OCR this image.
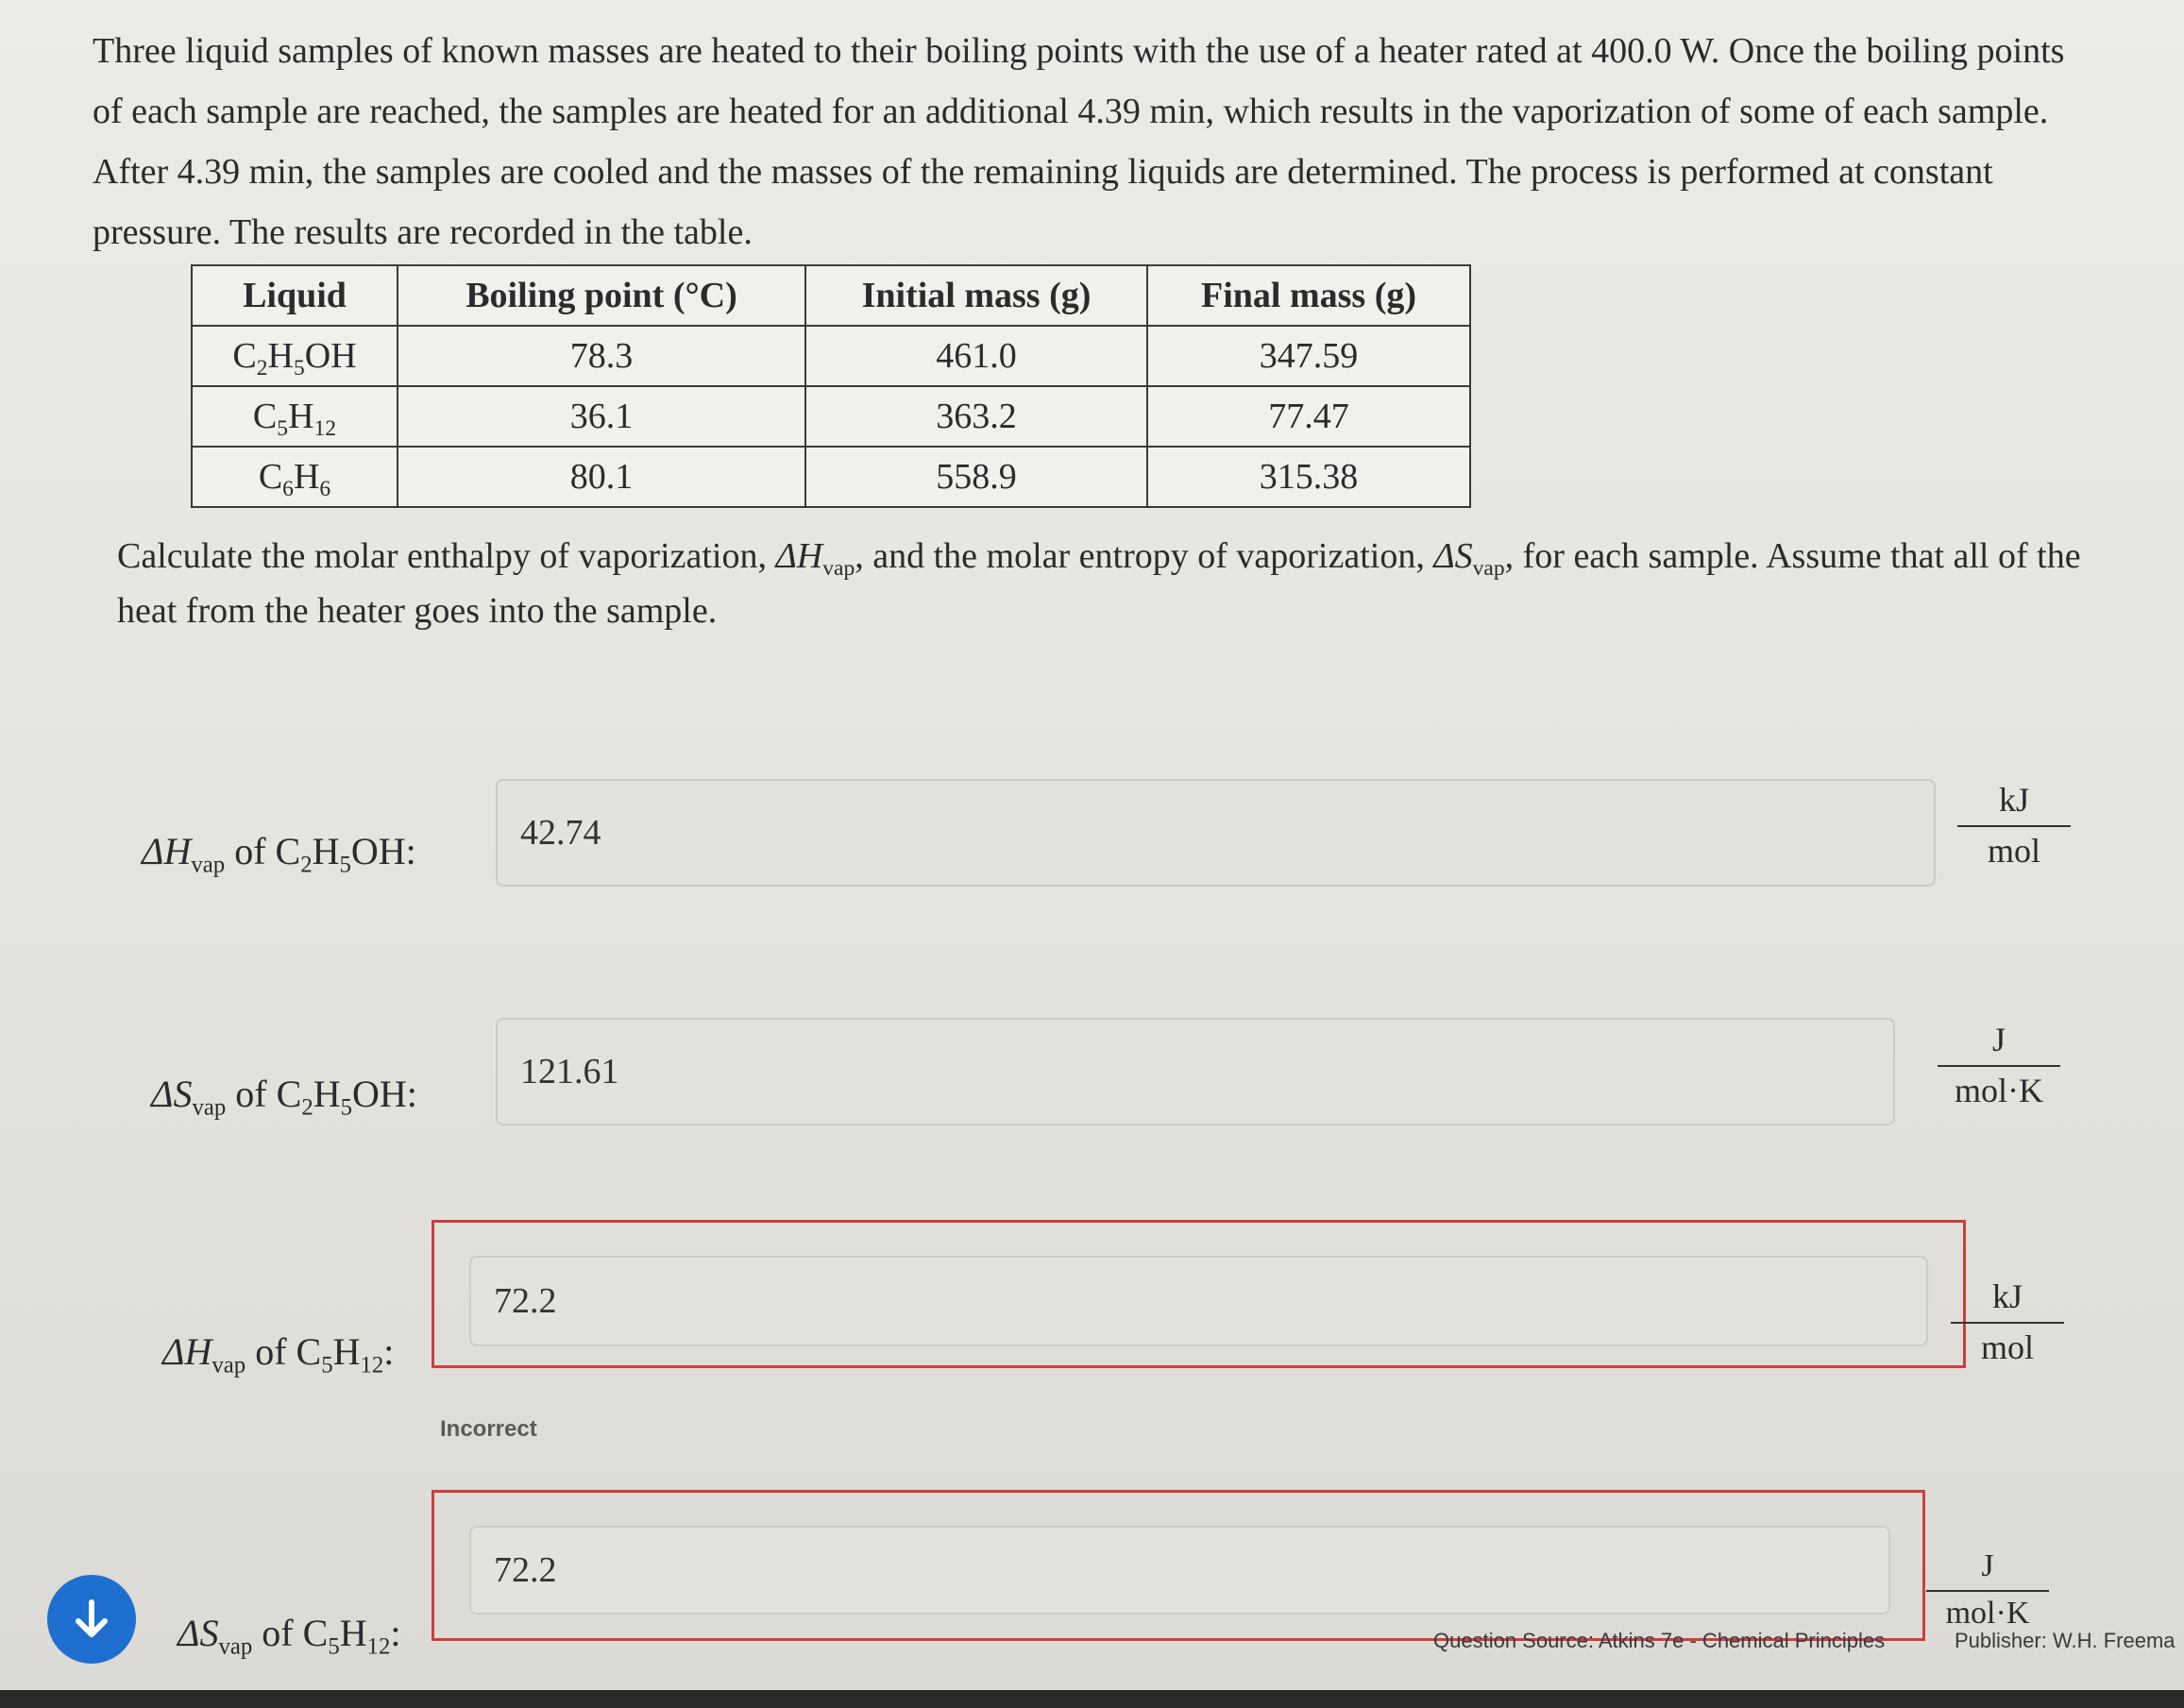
Three liquid samples of known masses are heated to their boiling points with the use of a heater rated at 400.0 W. Once the boiling points of each sample are reached, the samples are heated for an additional 4.39 min, which results in the vaporization of some of each sample. After 4.39 min, the samples are cooled and the masses of the remaining liquids are determined. The process is performed at constant pressure. The results are recorded in the table.
Liquid	Boiling point (°C)	Initial mass (g)	Final mass (g)
$C_2H_5OH$	78.3	461.0	347.59
$C_5H_{12}$	36.1	363.2	77.47
$C_6H_6$	80.1	558.9	315.38
Calculate the molar enthalpy of vaporization, $\Delta H_{vap}$, and the molar entropy of vaporization, $\Delta S_{vap}$, for each sample. Assume that all of the heat from the heater goes into the sample.
$\Delta H_{vap}$ of $C_2H_5OH$:	42.74
kJ
mol
$\Delta S_{vap}$ of $C_2H_5OH$:
121.61
J
mol·K
$\Delta H_{vap}$ of $C_5H_{12}$:
72.2	kJ
mol
Incorrect
$\Delta S_{vap}$ of $C_5H_{12}$:
72.2	J
mol·K
Question Source: Atkins 7e - Chemical Principles	Publisher: W.H. Freema
